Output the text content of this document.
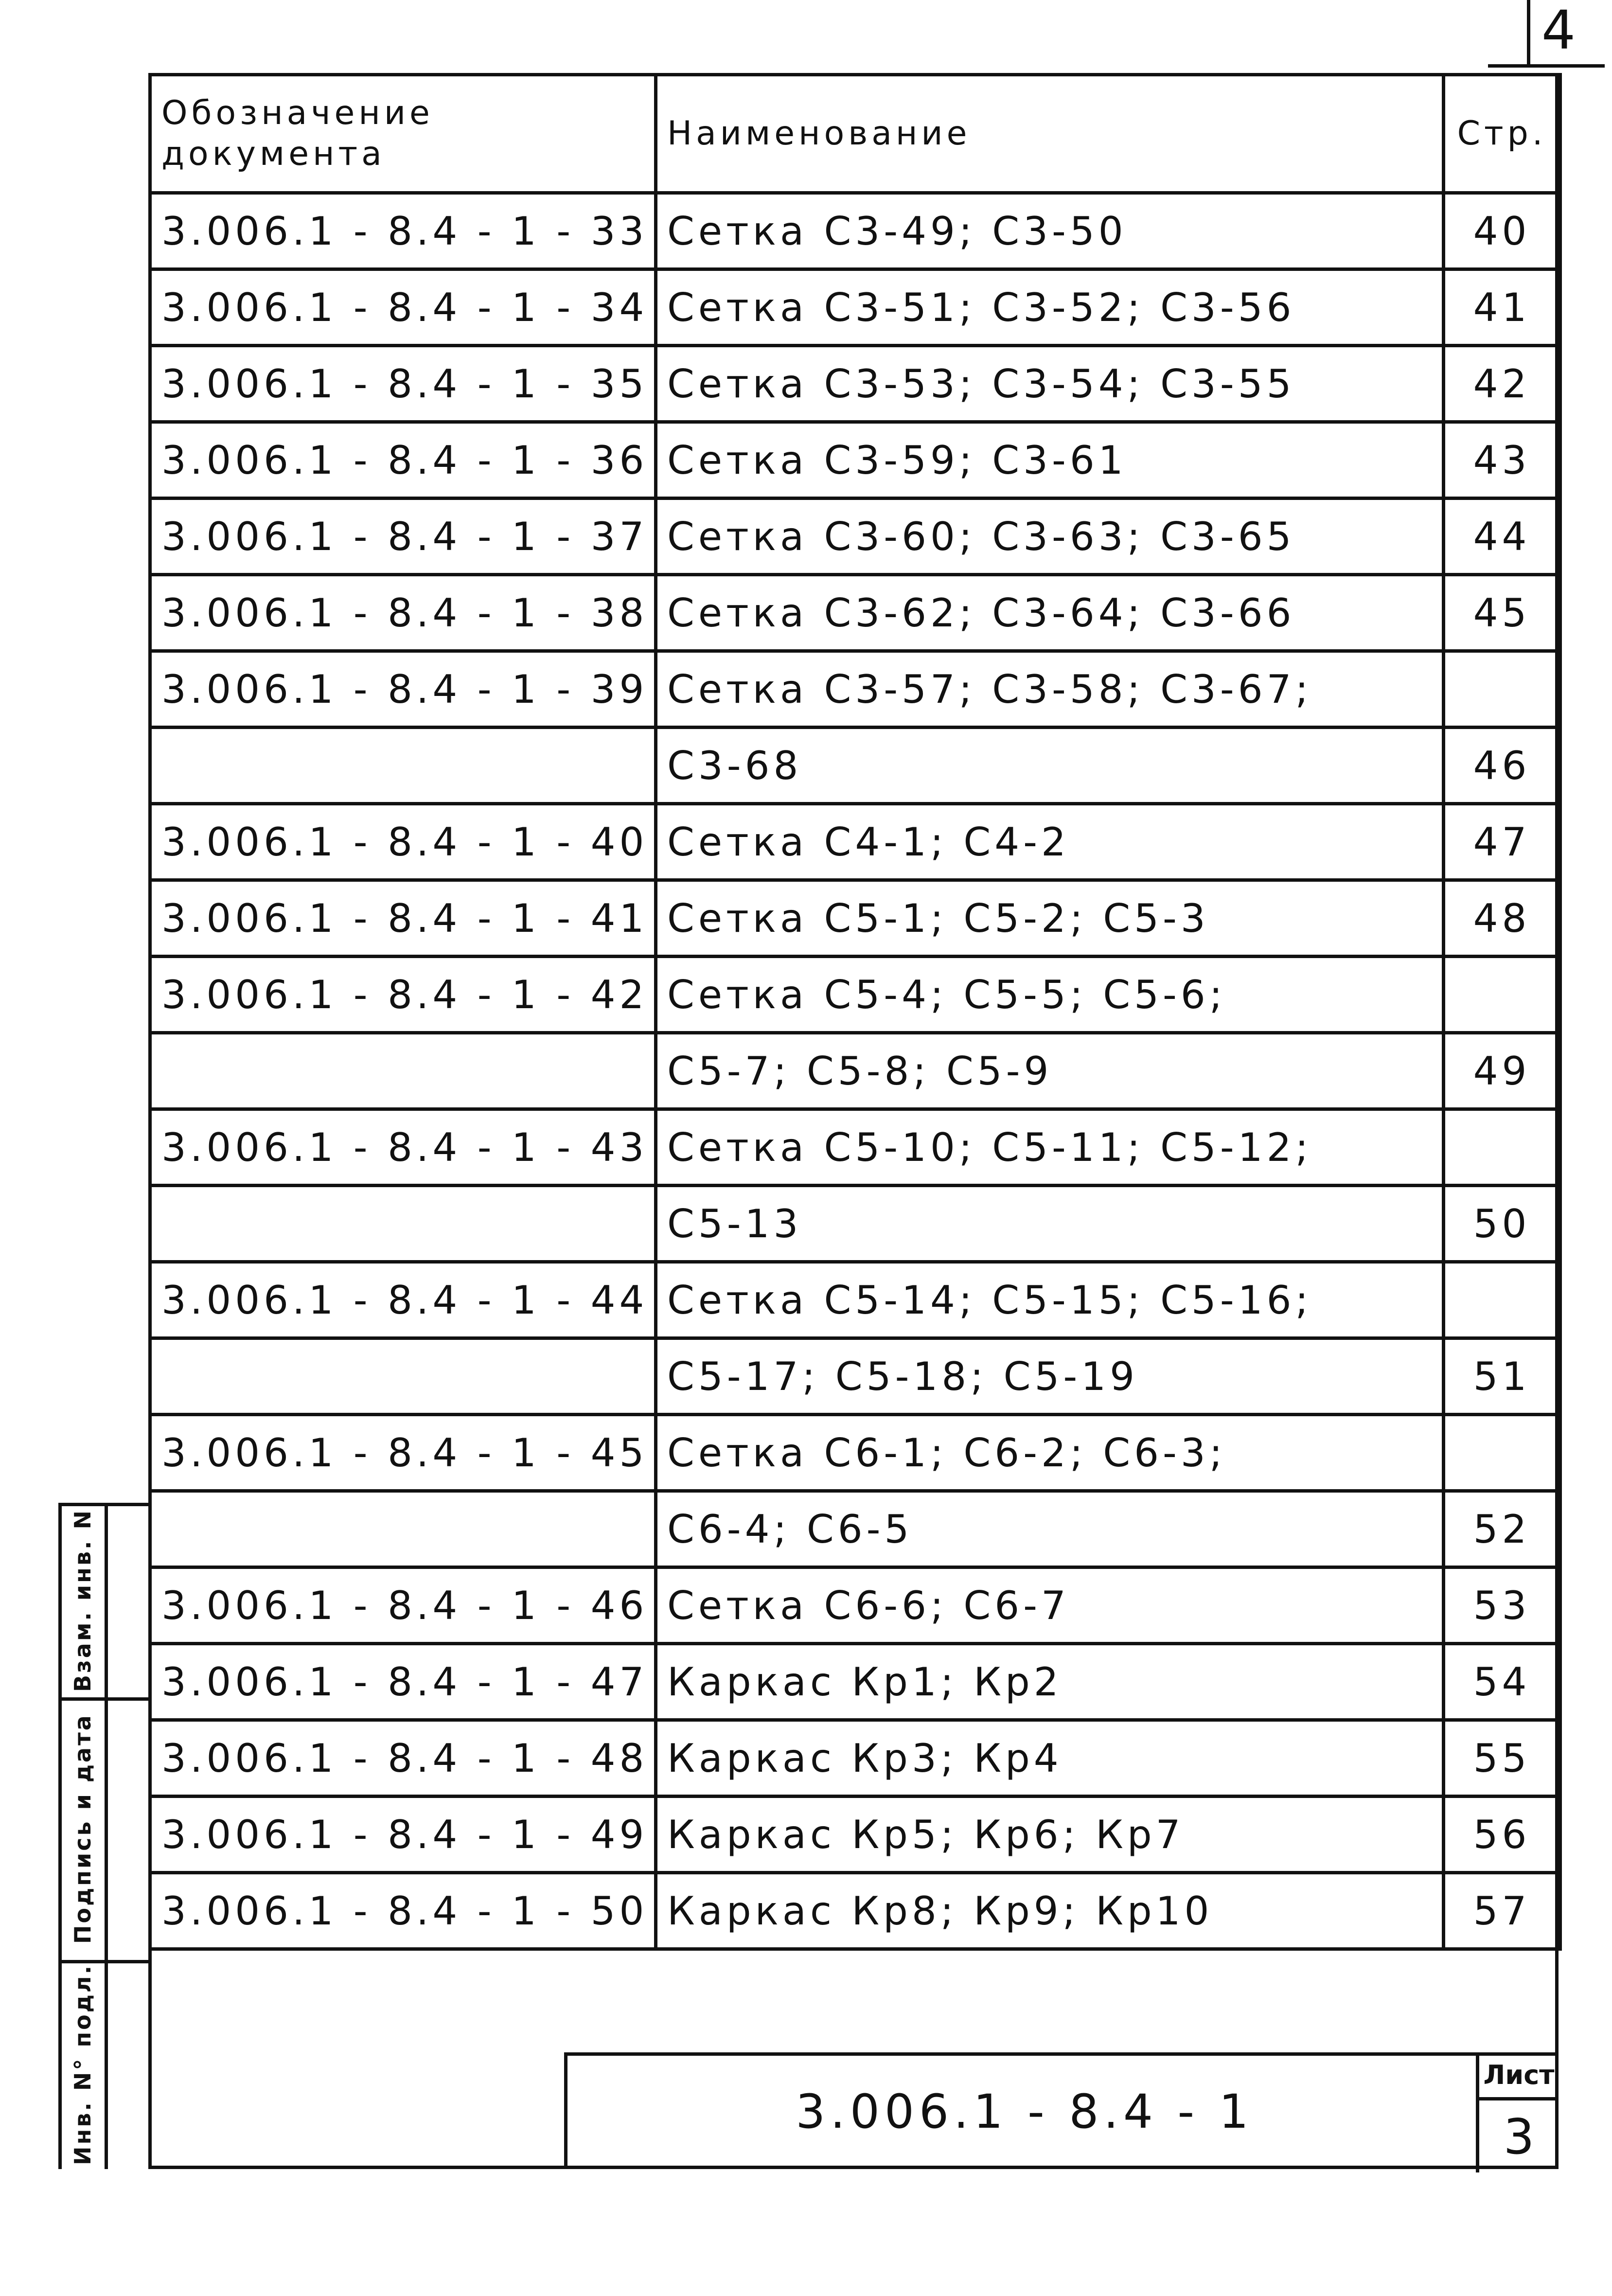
4
Обозначение документа	Наименование	Стр.
3.006.1 - 8.4 - 1 - 33	Сетка С3-49; С3-50	40
3.006.1 - 8.4 - 1 - 34	Сетка С3-51; С3-52; С3-56	41
3.006.1 - 8.4 - 1 - 35	Сетка С3-53; С3-54; С3-55	42
3.006.1 - 8.4 - 1 - 36	Сетка С3-59; С3-61	43
3.006.1 - 8.4 - 1 - 37	Сетка С3-60; С3-63; С3-65	44
3.006.1 - 8.4 - 1 - 38	Сетка С3-62; С3-64; С3-66	45
3.006.1 - 8.4 - 1 - 39	Сетка С3-57; С3-58; С3-67;	
	С3-68	46
3.006.1 - 8.4 - 1 - 40	Сетка С4-1; С4-2	47
3.006.1 - 8.4 - 1 - 41	Сетка С5-1; С5-2; С5-3	48
3.006.1 - 8.4 - 1 - 42	Сетка С5-4; С5-5; С5-6;	
	С5-7; С5-8; С5-9	49
3.006.1 - 8.4 - 1 - 43	Сетка С5-10; С5-11; С5-12;	
	С5-13	50
3.006.1 - 8.4 - 1 - 44	Сетка С5-14; С5-15; С5-16;	
	С5-17; С5-18; С5-19	51
3.006.1 - 8.4 - 1 - 45	Сетка С6-1; С6-2; С6-3;	
	С6-4; С6-5	52
3.006.1 - 8.4 - 1 - 46	Сетка С6-6; С6-7	53
3.006.1 - 8.4 - 1 - 47	Каркас Кр1; Кр2	54
3.006.1 - 8.4 - 1 - 48	Каркас Кр3; Кр4	55
3.006.1 - 8.4 - 1 - 49	Каркас Кр5; Кр6; Кр7	56
3.006.1 - 8.4 - 1 - 50	Каркас Кр8; Кр9; Кр10	57
3.006.1 - 8.4 - 1
Лист
3
Взам. инв. N
Подпись и дата
Инв. N° подл.
